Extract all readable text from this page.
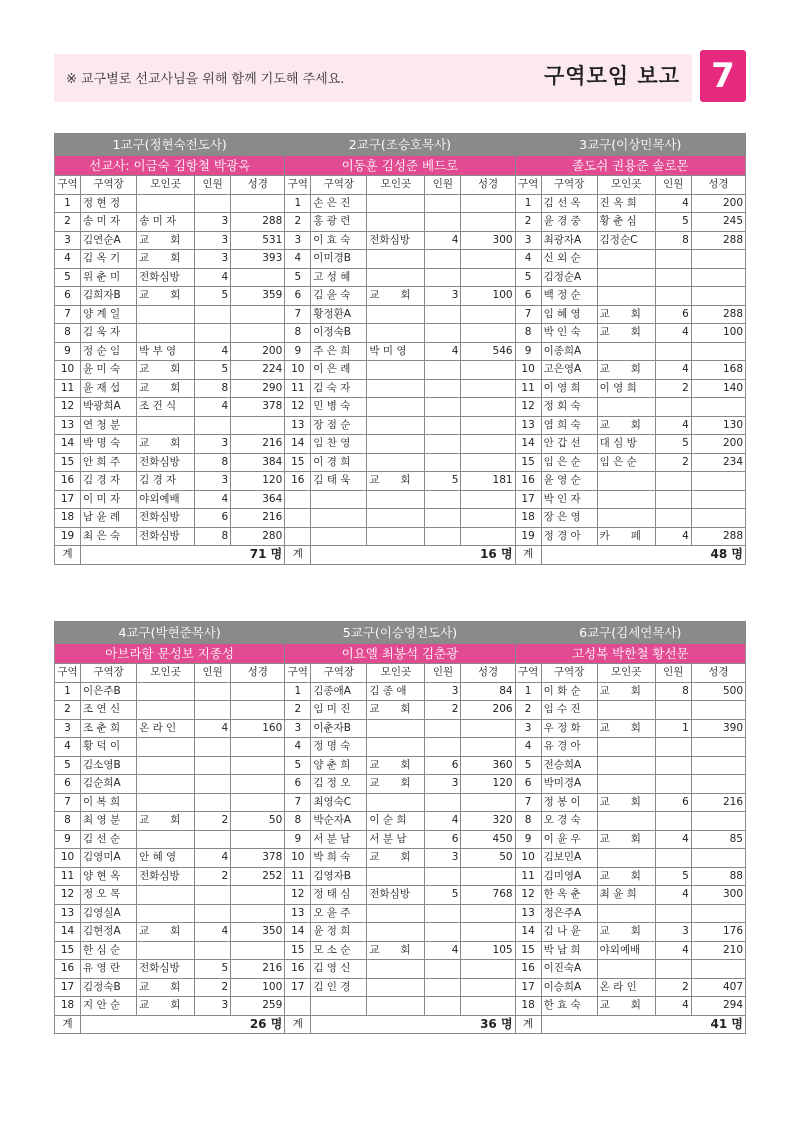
※ 교구별로 선교사님을 위해 함께 기도해 주세요.	구역모임 보고 7
1교구(정현숙전도사)					2교구(조승호목사)					3교구(이상민목사)				
선교사: 이금숙 김항철 박광옥					이동훈 김성준 베드로					졸도쉬 권용준 솔로몬				
구역	구역장	모인곳	인원	성경	구역	구역장	모인곳	인원	성경	구역	구역장	모인곳	인원	성경
1	정 현 정				1	손 은 진				1	김 선 옥	진 옥 희	4	200
2	송 미 자	송 미 자	3	288	2	홍 광 련				2	윤 경 중	황 춘 심	5	245
3	김연순A	교　　회	3	531	3	이 효 숙	전화심방	4	300	3	최광자A	김정순C	8	288
4	김 옥 기	교　　회	3	393	4	이미경B				4	신 외 순			
5	위 춘 미	전화심방	4		5	고 성 혜				5	김정순A			
6	김희자B	교　　회	5	359	6	김 윤 숙	교　　회	3	100	6	백 정 순			
7	양 계 일				7	황정환A				7	임 혜 영	교　　회	6	288
8	김 욱 자				8	이정숙B				8	박 인 숙	교　　회	4	100
9	정 순 임	박 부 영	4	200	9	주 은 희	박 미 영	4	546	9	이종희A			
10	윤 미 숙	교　　회	5	224	10	이 은 례				10	고은영A	교　　회	4	168
11	윤 재 섭	교　　회	8	290	11	김 숙 자				11	이 영 희	이 영 희	2	140
12	박광희A	조 건 식	4	378	12	민 병 숙				12	정 회 숙			
13	연 청 분				13	장 점 순				13	염 희 숙	교　　회	4	130
14	박 명 숙	교　　회	3	216	14	임 찬 영				14	안 갑 선	대 심 방	5	200
15	안 희 주	전화심방	8	384	15	이 경 희				15	임 은 순	임 은 순	2	234
16	김 경 자	김 경 자	3	120	16	김 태 욱	교　　회	5	181	16	윤 영 순			
17	이 미 자	야외예배	4	364						17	박 인 자			
18	남 윤 례	전화심방	6	216						18	장 은 영			
19	최 은 숙	전화심방	8	280						19	정 경 아	카　　페	4	288
계	71 명				계	16 명				계	48 명			
4교구(박현준목사)					5교구(이승영전도사)					6교구(김세연목사)				
아브라함 문성보 지종성					이요엘 최봉석 김춘광					고성복 박한철 황선문				
구역	구역장	모인곳	인원	성경	구역	구역장	모인곳	인원	성경	구역	구역장	모인곳	인원	성경
1	이은주B				1	김종애A	김 종 애	3	84	1	이 화 순	교　　회	8	500
2	조 연 신				2	임 미 진	교　　회	2	206	2	임 수 진			
3	조 춘 희	온 라 인	4	160	3	이춘자B				3	우 정 화	교　　회	1	390
4	황 덕 이				4	정 명 숙				4	유 경 아			
5	김소영B				5	양 춘 희	교　　회	6	360	5	전승희A			
6	김순희A				6	김 정 오	교　　회	3	120	6	박미경A			
7	이 복 희				7	최영숙C				7	정 봉 이	교　　회	6	216
8	최 영 분	교　　회	2	50	8	박순자A	이 순 희	4	320	8	오 경 숙			
9	김 선 순				9	서 분 남	서 분 남	6	450	9	이 윤 우	교　　회	4	85
10	김영미A	안 혜 영	4	378	10	박 희 숙	교　　회	3	50	10	김보민A			
11	양 현 옥	전화심방	2	252	11	김영자B				11	김미영A	교　　회	5	88
12	정 오 목				12	정 태 심	전화심방	5	768	12	한 옥 춘	최 윤 희	4	300
13	김영실A				13	오 윤 주				13	정은주A			
14	김현정A	교　　회	4	350	14	윤 정 희				14	김 나 윤	교　　회	3	176
15	한 심 순				15	모 소 순	교　　회	4	105	15	박 남 희	야외예배	4	210
16	유 영 란	전화심방	5	216	16	김 영 신				16	이진숙A			
17	김정숙B	교　　회	2	100	17	김 인 경				17	이승희A	온 라 인	2	407
18	지 안 순	교　　회	3	259						18	한 효 숙	교　　회	4	294
계	26 명				계	36 명				계	41 명			
